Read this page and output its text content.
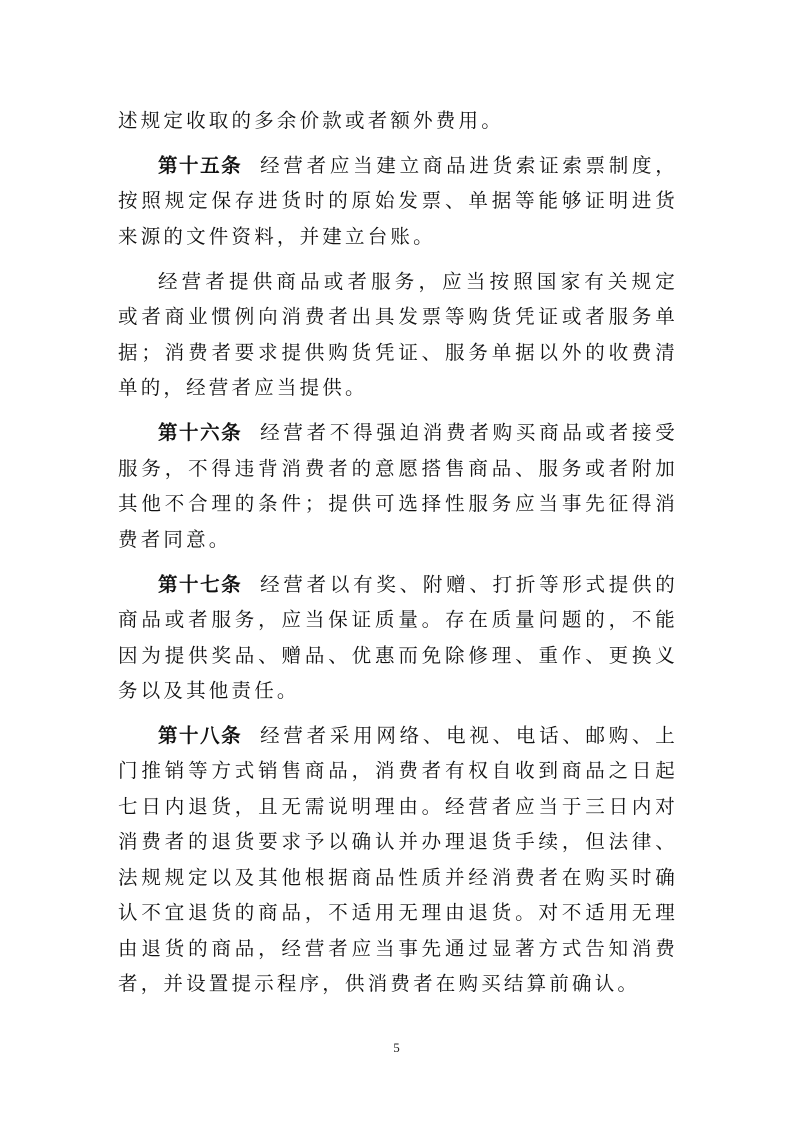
述规定收取的多余价款或者额外费用。

第十五条 经营者应当建立商品进货索证索票制度，按照规定保存进货时的原始发票、单据等能够证明进货来源的文件资料，并建立台账。

经营者提供商品或者服务，应当按照国家有关规定或者商业惯例向消费者出具发票等购货凭证或者服务单据；消费者要求提供购货凭证、服务单据以外的收费清单的，经营者应当提供。

第十六条 经营者不得强迫消费者购买商品或者接受服务，不得违背消费者的意愿搭售商品、服务或者附加其他不合理的条件；提供可选择性服务应当事先征得消费者同意。

第十七条 经营者以有奖、附赠、打折等形式提供的商品或者服务，应当保证质量。存在质量问题的，不能因为提供奖品、赠品、优惠而免除修理、重作、更换义务以及其他责任。

第十八条 经营者采用网络、电视、电话、邮购、上门推销等方式销售商品，消费者有权自收到商品之日起七日内退货，且无需说明理由。经营者应当于三日内对消费者的退货要求予以确认并办理退货手续，但法律、法规规定以及其他根据商品性质并经消费者在购买时确认不宜退货的商品，不适用无理由退货。对不适用无理由退货的商品，经营者应当事先通过显著方式告知消费者，并设置提示程序，供消费者在购买结算前确认。

5
